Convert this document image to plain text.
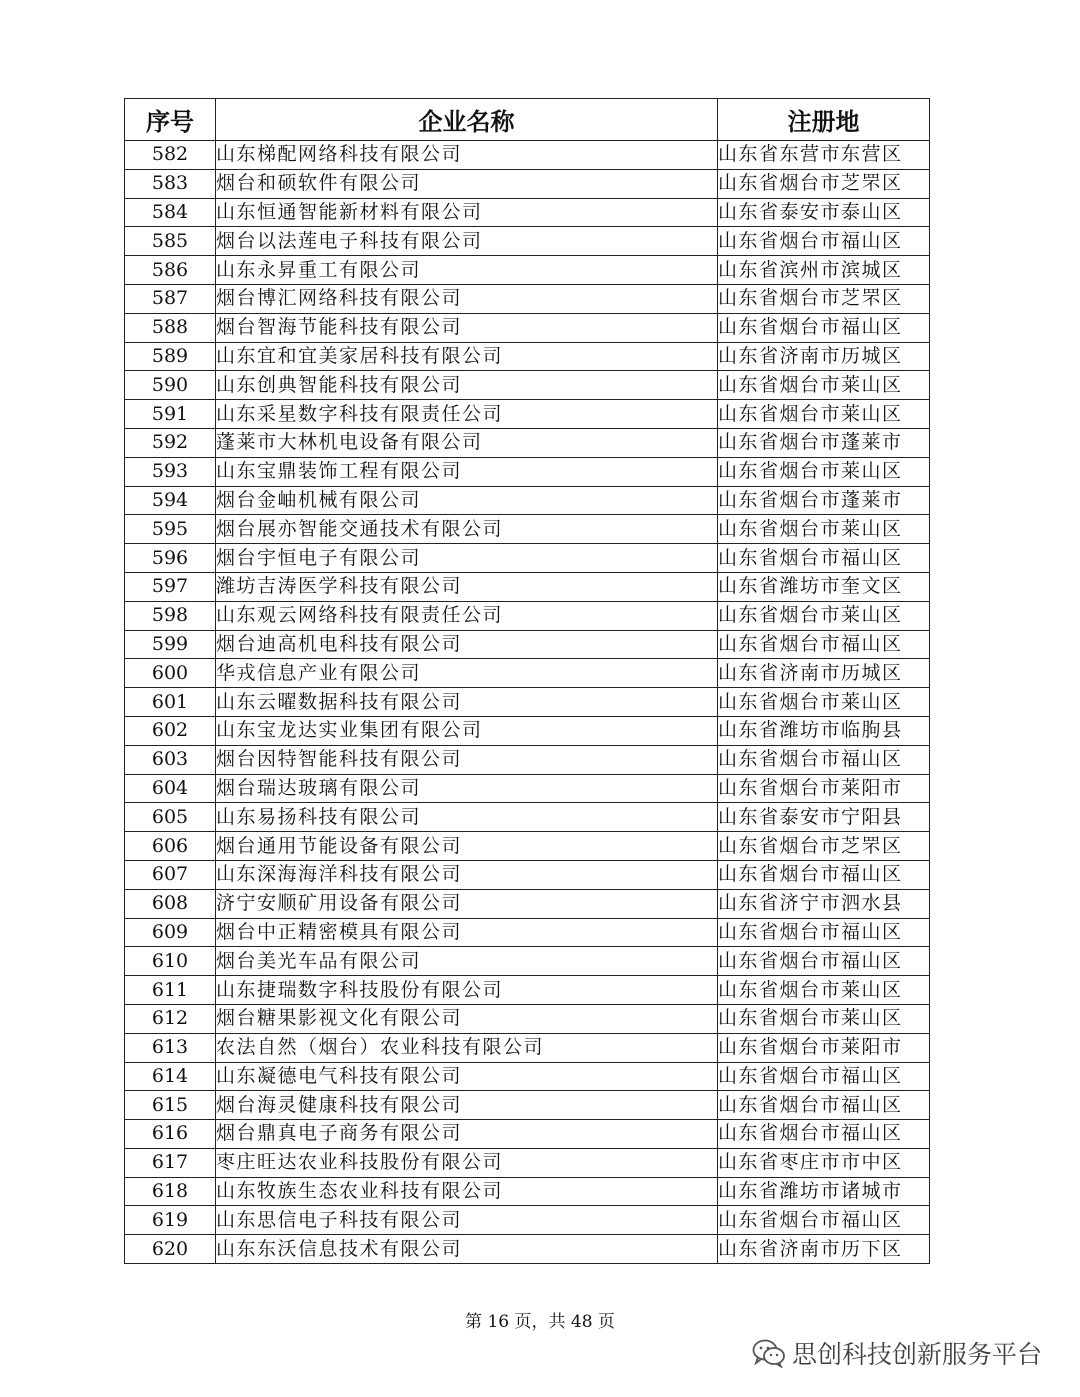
序号	企业名称	注册地
582	山东梯配网络科技有限公司	山东省东营市东营区
583	烟台和硕软件有限公司	山东省烟台市芝罘区
584	山东恒通智能新材料有限公司	山东省泰安市泰山区
585	烟台以法莲电子科技有限公司	山东省烟台市福山区
586	山东永昇重工有限公司	山东省滨州市滨城区
587	烟台博汇网络科技有限公司	山东省烟台市芝罘区
588	烟台智海节能科技有限公司	山东省烟台市福山区
589	山东宜和宜美家居科技有限公司	山东省济南市历城区
590	山东创典智能科技有限公司	山东省烟台市莱山区
591	山东采星数字科技有限责任公司	山东省烟台市莱山区
592	蓬莱市大林机电设备有限公司	山东省烟台市蓬莱市
593	山东宝鼎装饰工程有限公司	山东省烟台市莱山区
594	烟台金岫机械有限公司	山东省烟台市蓬莱市
595	烟台展亦智能交通技术有限公司	山东省烟台市莱山区
596	烟台宇恒电子有限公司	山东省烟台市福山区
597	潍坊吉涛医学科技有限公司	山东省潍坊市奎文区
598	山东观云网络科技有限责任公司	山东省烟台市莱山区
599	烟台迪高机电科技有限公司	山东省烟台市福山区
600	华戎信息产业有限公司	山东省济南市历城区
601	山东云曜数据科技有限公司	山东省烟台市莱山区
602	山东宝龙达实业集团有限公司	山东省潍坊市临朐县
603	烟台因特智能科技有限公司	山东省烟台市福山区
604	烟台瑞达玻璃有限公司	山东省烟台市莱阳市
605	山东易扬科技有限公司	山东省泰安市宁阳县
606	烟台通用节能设备有限公司	山东省烟台市芝罘区
607	山东深海海洋科技有限公司	山东省烟台市福山区
608	济宁安顺矿用设备有限公司	山东省济宁市泗水县
609	烟台中正精密模具有限公司	山东省烟台市福山区
610	烟台美光车品有限公司	山东省烟台市福山区
611	山东捷瑞数字科技股份有限公司	山东省烟台市莱山区
612	烟台糖果影视文化有限公司	山东省烟台市莱山区
613	农法自然（烟台）农业科技有限公司	山东省烟台市莱阳市
614	山东凝德电气科技有限公司	山东省烟台市福山区
615	烟台海灵健康科技有限公司	山东省烟台市福山区
616	烟台鼎真电子商务有限公司	山东省烟台市福山区
617	枣庄旺达农业科技股份有限公司	山东省枣庄市市中区
618	山东牧族生态农业科技有限公司	山东省潍坊市诸城市
619	山东思信电子科技有限公司	山东省烟台市福山区
620	山东东沃信息技术有限公司	山东省济南市历下区
第 16 页，共 48 页
思创科技创新服务平台
